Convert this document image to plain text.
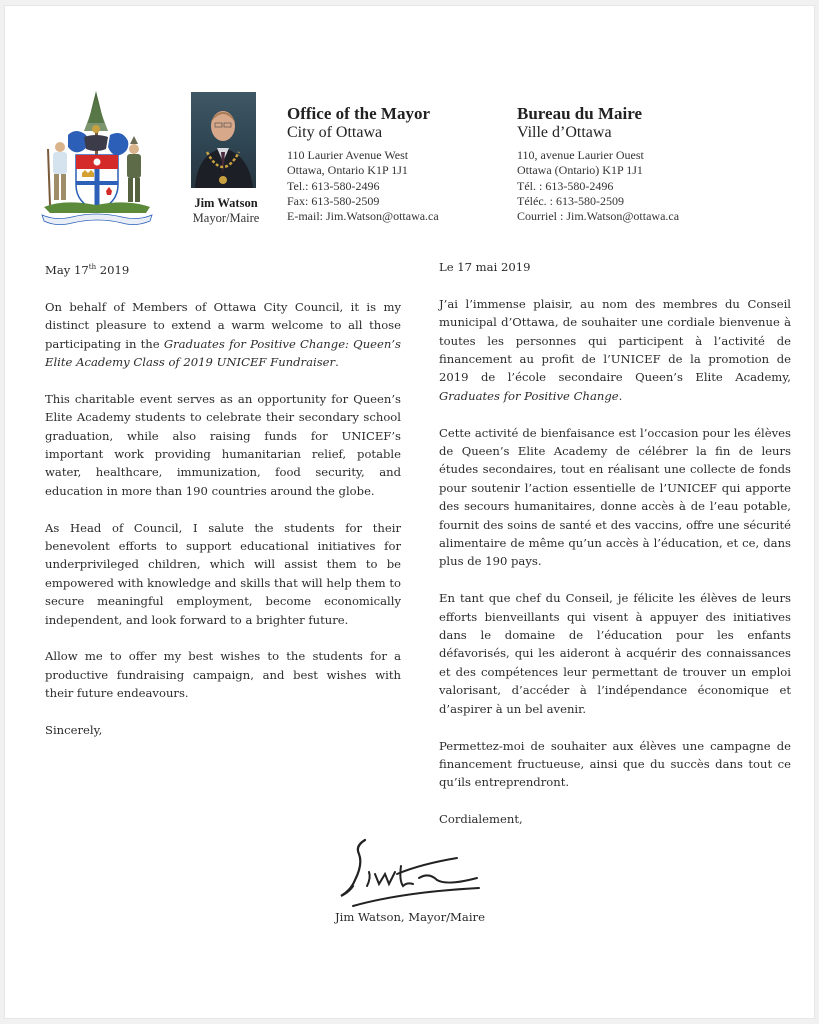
Jim Watson
Mayor/Maire
Office of the Mayor
City of Ottawa
110 Laurier Avenue West
Ottawa, Ontario K1P 1J1
Tel.: 613-580-2496
Fax: 613-580-2509
E-mail: Jim.Watson@ottawa.ca
Bureau du Maire
Ville d’Ottawa
110, avenue Laurier Ouest
Ottawa (Ontario) K1P 1J1
Tél. : 613-580-2496
Téléc. : 613-580-2509
Courriel : Jim.Watson@ottawa.ca

May 17th 2019

On behalf of Members of Ottawa City Council, it is my distinct pleasure to extend a warm welcome to all those participating in the Graduates for Positive Change: Queen’s Elite Academy Class of 2019 UNICEF Fundraiser.

This charitable event serves as an opportunity for Queen’s Elite Academy students to celebrate their secondary school graduation, while also raising funds for UNICEF’s important work providing humanitarian relief, potable water, healthcare, immunization, food security, and education in more than 190 countries around the globe.

As Head of Council, I salute the students for their benevolent efforts to support educational initiatives for underprivileged children, which will assist them to be empowered with knowledge and skills that will help them to secure meaningful employment, become economically independent, and look forward to a brighter future.

Allow me to offer my best wishes to the students for a productive fundraising campaign, and best wishes with their future endeavours.

Sincerely,

Le 17 mai 2019

J’ai l’immense plaisir, au nom des membres du Conseil municipal d’Ottawa, de souhaiter une cordiale bienvenue à toutes les personnes qui participent à l’activité de financement au profit de l’UNICEF de la promotion de 2019 de l’école secondaire Queen’s Elite Academy, Graduates for Positive Change.

Cette activité de bienfaisance est l’occasion pour les élèves de Queen’s Elite Academy de célébrer la fin de leurs études secondaires, tout en réalisant une collecte de fonds pour soutenir l’action essentielle de l’UNICEF qui apporte des secours humanitaires, donne accès à de l’eau potable, fournit des soins de santé et des vaccins, offre une sécurité alimentaire de même qu’un accès à l’éducation, et ce, dans plus de 190 pays.

En tant que chef du Conseil, je félicite les élèves de leurs efforts bienveillants qui visent à appuyer des initiatives dans le domaine de l’éducation pour les enfants défavorisés, qui les aideront à acquérir des connaissances et des compétences leur permettant de trouver un emploi valorisant, d’accéder à l’indépendance économique et d’aspirer à un bel avenir.

Permettez-moi de souhaiter aux élèves une campagne de financement fructueuse, ainsi que du succès dans tout ce qu’ils entreprendront.

Cordialement,

Jim Watson, Mayor/Maire
